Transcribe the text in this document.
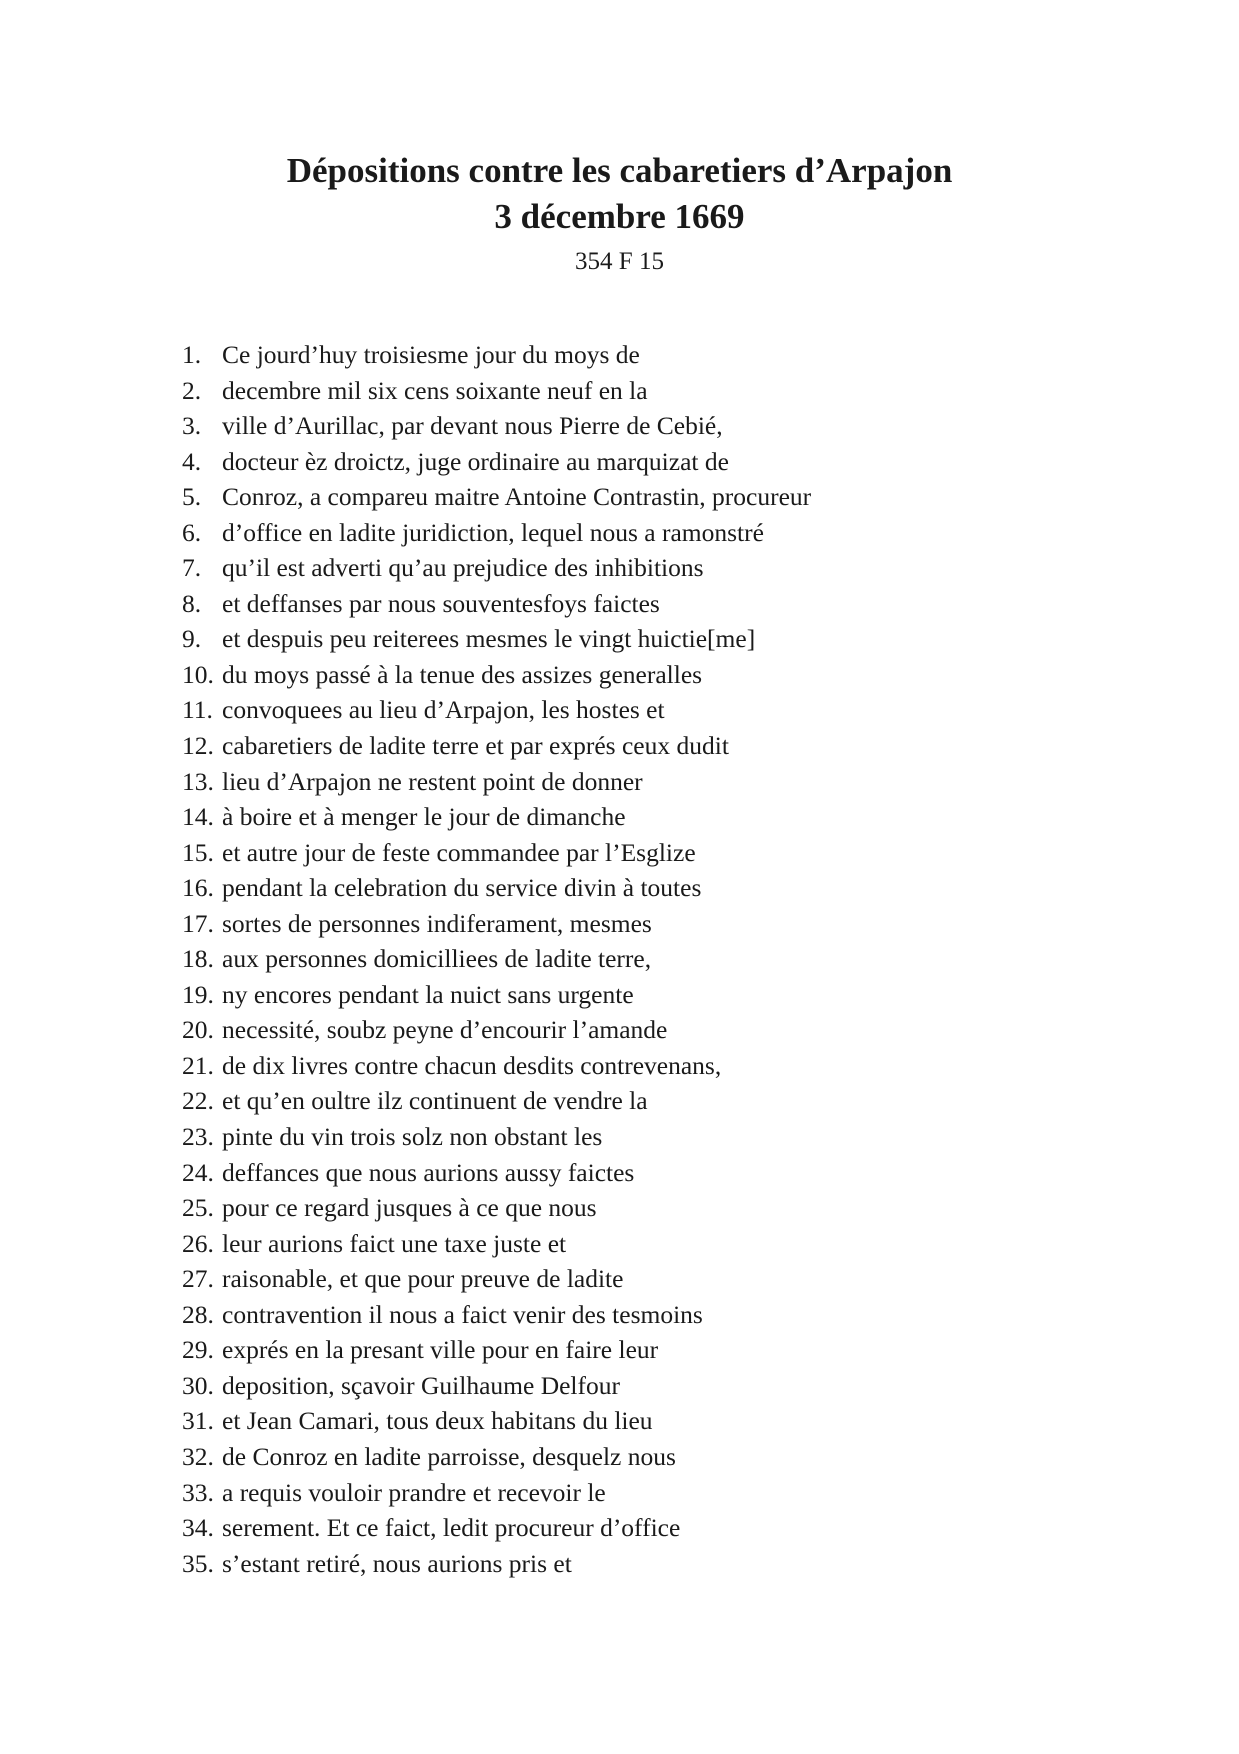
Dépositions contre les cabaretiers d’Arpajon

3 décembre 1669

354 F 15
1. Ce jourd’huy troisiesme jour du moys de
2. decembre mil six cens soixante neuf en la
3. ville d’Aurillac, par devant nous Pierre de Cebié,
4. docteur èz droictz, juge ordinaire au marquizat de
5. Conroz, a compareu maitre Antoine Contrastin, procureur
6. d’office en ladite juridiction, lequel nous a ramonstré
7. qu’il est adverti qu’au prejudice des inhibitions
8. et deffanses par nous souventesfoys faictes
9. et despuis peu reiterees mesmes le vingt huictie[me]
10. du moys passé à la tenue des assizes generalles
11. convoquees au lieu d’Arpajon, les hostes et
12. cabaretiers de ladite terre et par exprés ceux dudit
13. lieu d’Arpajon ne restent point de donner
14. à boire et à menger le jour de dimanche
15. et autre jour de feste commandee par l’Esglize
16. pendant la celebration du service divin à toutes
17. sortes de personnes indiferament, mesmes
18. aux personnes domicilliees de ladite terre,
19. ny encores pendant la nuict sans urgente
20. necessité, soubz peyne d’encourir l’amande
21. de dix livres contre chacun desdits contrevenans,
22. et qu’en oultre ilz continuent de vendre la
23. pinte du vin trois solz non obstant les
24. deffances que nous aurions aussy faictes
25. pour ce regard jusques à ce que nous
26. leur aurions faict une taxe juste et
27. raisonable, et que pour preuve de ladite
28. contravention il nous a faict venir des tesmoins
29. exprés en la presant ville pour en faire leur
30. deposition, sçavoir Guilhaume Delfour
31. et Jean Camari, tous deux habitans du lieu
32. de Conroz en ladite parroisse, desquelz nous
33. a requis vouloir prandre et recevoir le
34. serement. Et ce faict, ledit procureur d’office
35. s’estant retiré, nous aurions pris et
